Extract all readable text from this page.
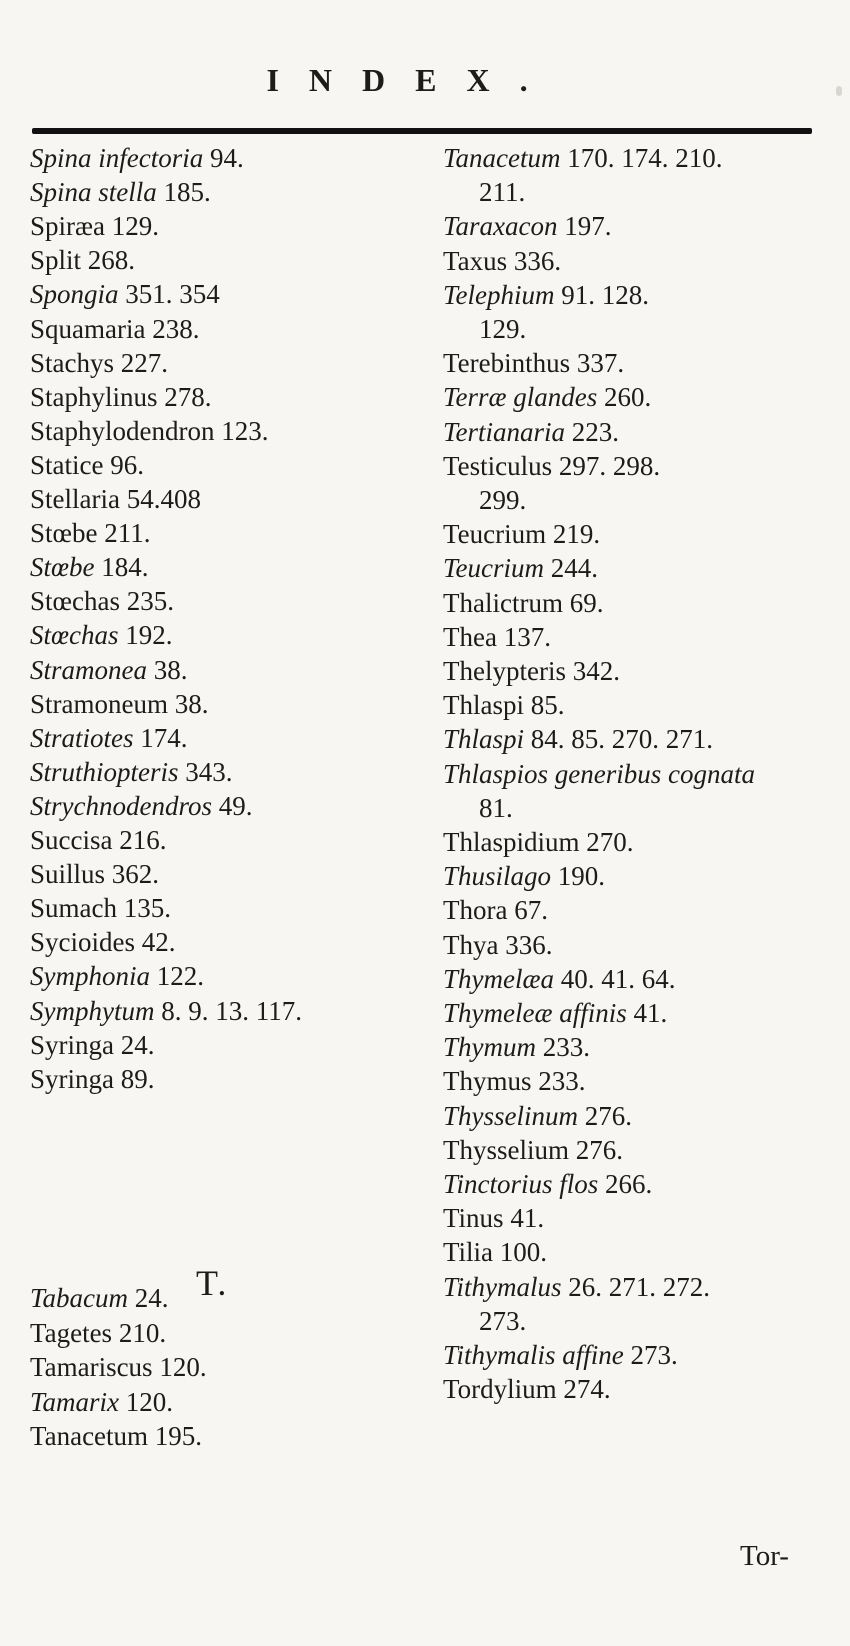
INDEX.
Spina infectoria 94.
Spina stella 185.
Spiræa 129.
Split 268.
Spongia 351. 354
Squamaria 238.
Stachys 227.
Staphylinus 278.
Staphylodendron 123.
Statice 96.
Stellaria 54.408
Stœbe 211.
Stœbe 184.
Stœchas 235.
Stœchas 192.
Stramonea 38.
Stramoneum 38.
Stratiotes 174.
Struthiopteris 343.
Strychnodendros 49.
Succisa 216.
Suillus 362.
Sumach 135.
Sycioides 42.
Symphonia 122.
Symphytum 8. 9. 13. 117.
Syringa 24.
Syringa 89.
Tabacum 24.
Tagetes 210.
Tamariscus 120.
Tamarix 120.
Tanacetum 195.
Tanacetum 170. 174. 210.
211.
Taraxacon 197.
Taxus 336.
Telephium 91. 128.
129.
Terebinthus 337.
Terræ glandes 260.
Tertianaria 223.
Testiculus 297. 298.
299.
Teucrium 219.
Teucrium 244.
Thalictrum 69.
Thea 137.
Thelypteris 342.
Thlaspi 85.
Thlaspi 84. 85. 270. 271.
Thlaspios generibus cognata
81.
Thlaspidium 270.
Thusilago 190.
Thora 67.
Thya 336.
Thymelæa 40. 41. 64.
Thymeleæ affinis 41.
Thymum 233.
Thymus 233.
Thysselinum 276.
Thysselium 276.
Tinctorius flos 266.
Tinus 41.
Tilia 100.
Tithymalus 26. 271. 272.
273.
Tithymalis affine 273.
Tordylium 274.
T.
Tor-
